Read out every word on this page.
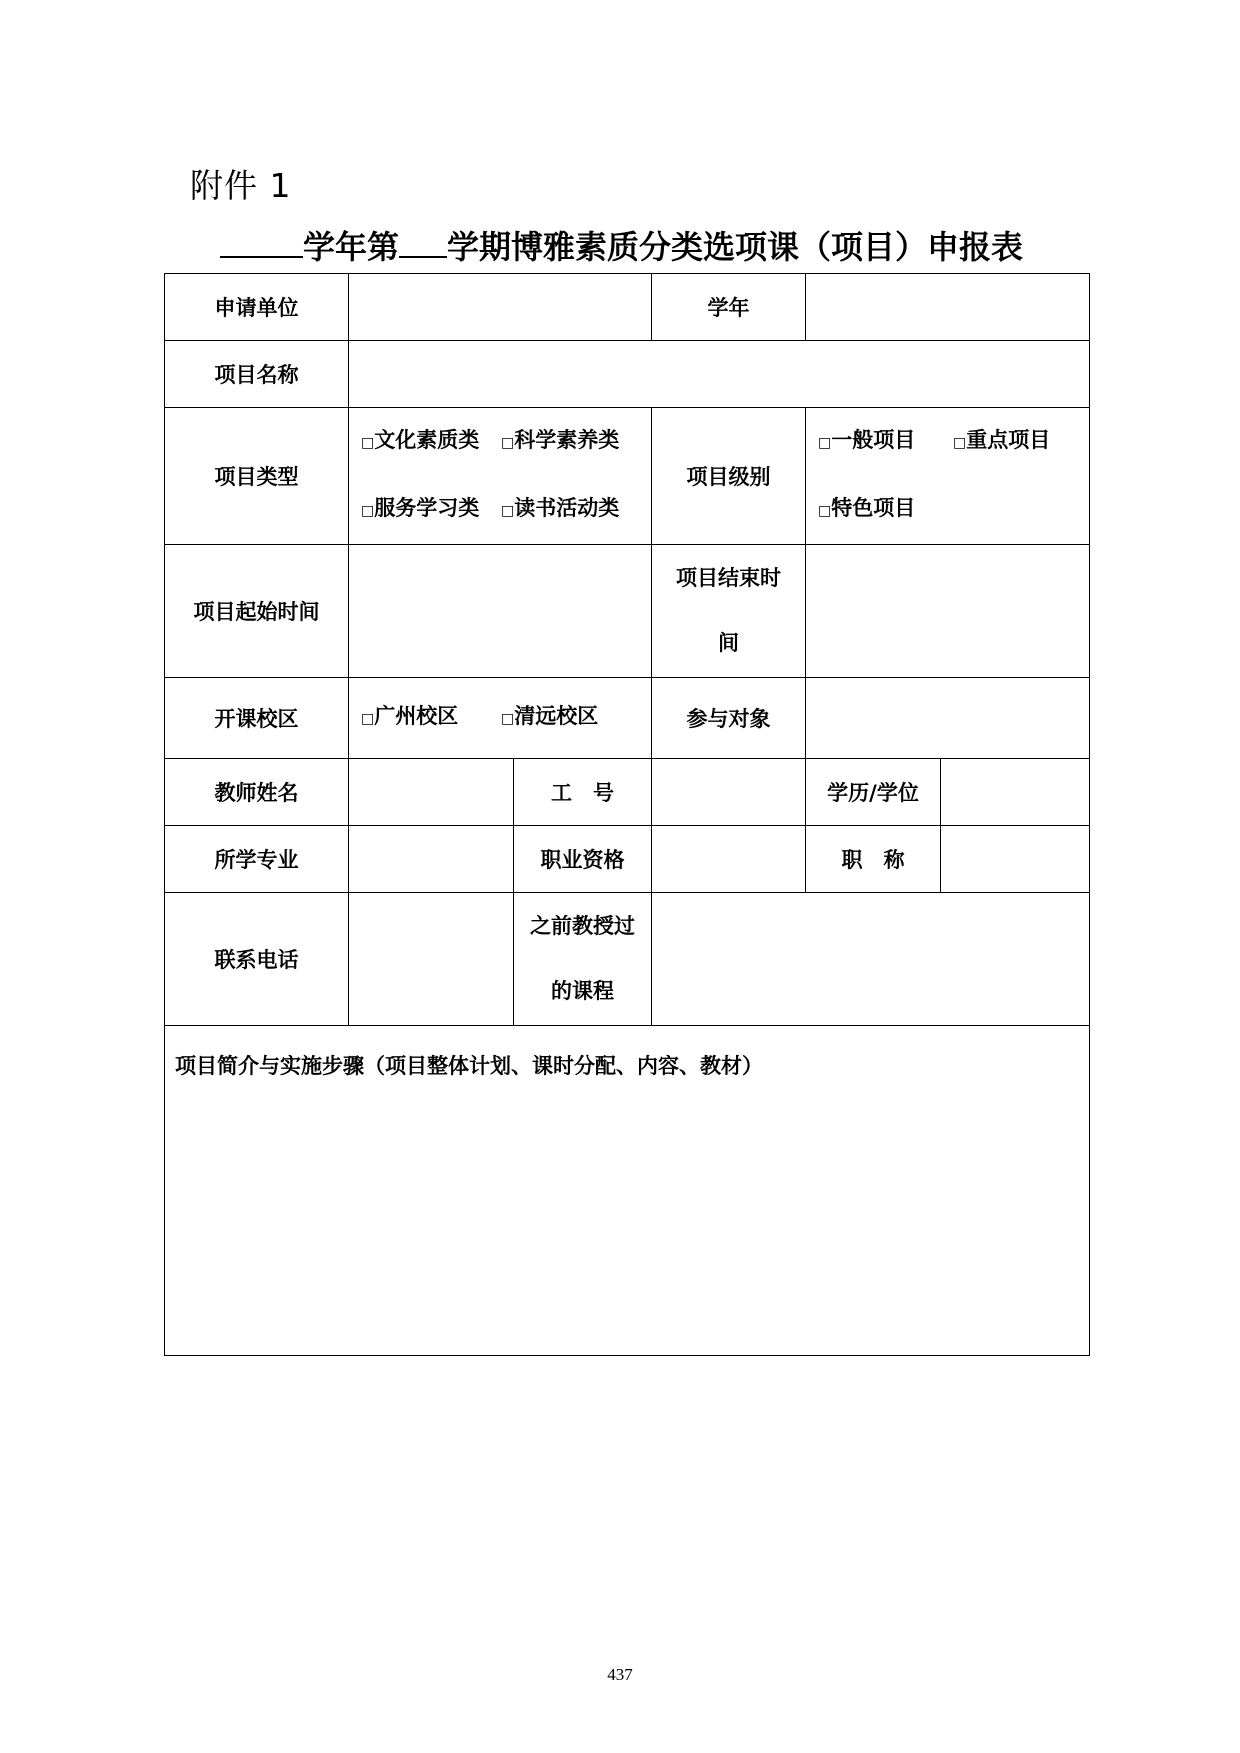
附件 1
学年第 学期博雅素质分类选项课（项目）申报表
申请单位			学年		
项目名称					
项目类型	□文化素质类 □科学素养类
□服务学习类 □读书活动类		项目级别	□一般项目 □重点项目
□特色项目	
项目起始时间			项目结束时
间		
开课校区	□广州校区 □清远校区		参与对象		
教师姓名		工　号		学历/学位	
所学专业		职业资格		职　称	
联系电话		之前教授过
的课程			
项目简介与实施步骤（项目整体计划、课时分配、内容、教材）					
437
